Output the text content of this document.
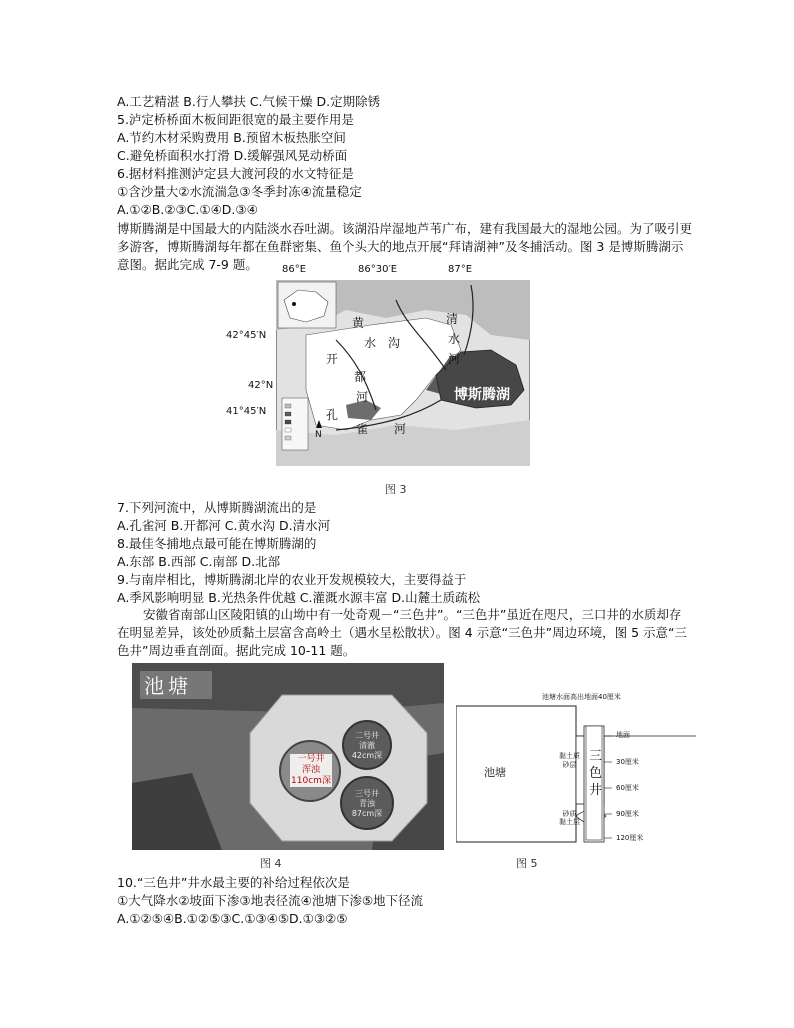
A.工艺精湛 B.行人攀扶 C.气候干燥 D.定期除锈
5.泸定桥桥面木板间距很宽的最主要作用是
A.节约木材采购费用 B.预留木板热胀空间
C.避免桥面积水打滑 D.缓解强风晃动桥面
6.据材料推测泸定县大渡河段的水文特征是
①含沙量大②水流湍急③冬季封冻④流量稳定
A.①②B.②③C.①④D.③④
博斯腾湖是中国最大的内陆淡水吞吐湖。该湖沿岸湿地芦苇广布，建有我国最大的湿地公园。为了吸引更多游客，博斯腾湖每年都在鱼群密集、鱼个头大的地点开展“拜请湖神”及冬捕活动。图 3 是博斯腾湖示意图。据此完成 7-9 题。	86°E	86°30′E	87°E
42°45′N
42°N
41°45′N
黄
水 沟
清
水
河
开
都
河
孔
雀 河
博斯腾湖
N
图 3
7.下列河流中，从博斯腾湖流出的是
A.孔雀河 B.开都河 C.黄水沟 D.清水河
8.最佳冬捕地点最可能在博斯腾湖的
A.东部 B.西部 C.南部 D.北部
9.与南岸相比，博斯腾湖北岸的农业开发规模较大，主要得益于
A.季风影响明显 B.光热条件优越 C.灌溉水源丰富 D.山麓土质疏松
安徽省南部山区陵阳镇的山坳中有一处奇观－“三色井”。“三色井”虽近在咫尺，三口井的水质却存在明显差异，该处砂质黏土层富含高岭土（遇水呈松散状）。图 4 示意“三色井”周边环境，图 5 示意“三色井”周边垂直剖面。据此完成 10-11 题。
池塘
一号井
浑浊
110cm深
二号井
清澈
42cm深
三号井
青浊
87cm深
图 4
池塘水面高出地面40厘米
池塘
黏土质
砂层
砂质
黏土层
三
色
井
地面
30厘米
60厘米
90厘米
120厘米
图 5
10.“三色井”井水最主要的补给过程依次是
①大气降水②坡面下渗③地表径流④池塘下渗⑤地下径流
A.①②⑤④B.①②⑤③C.①③④⑤D.①③②⑤
